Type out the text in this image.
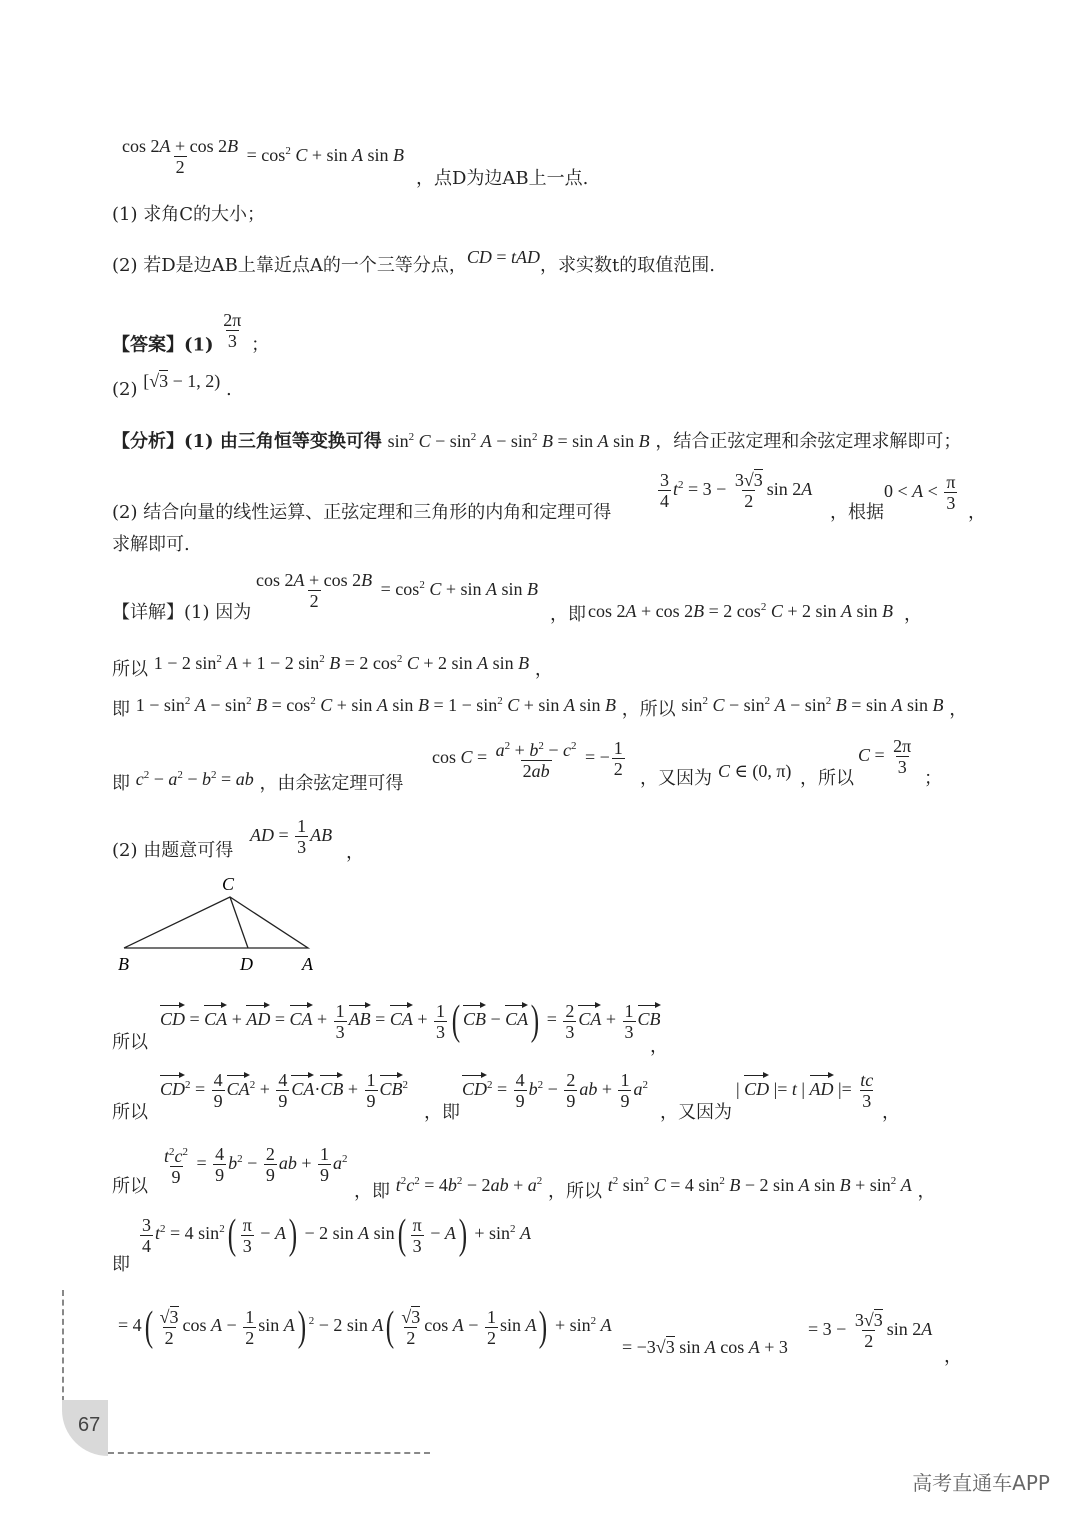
$\frac{\cos 2A + \cos 2B}{2} = \cos^2 C + \sin A$ sin B
，点D为边AB上一点.
(1) 求角C的大小；
(2) 若D是边AB上靠近点A的一个三等分点，CD = tAD，求实数t的取值范围.
【答案】$(1) \frac{2\pi}{3}$ ；
(2) [√3 − 1, 2) .
【分析】(1) 由三角恒等变换可得 $\sin^2 C - \sin^2 A - \sin^2 B = \sin A$ sin B ，结合正弦定理和余弦定理求解即可；
(2) 结合向量的线性运算、正弦定理和三角形的内角和定理可得
$\frac{3}{4} t^2 = 3 - \frac{3√3}{2}$ sin 2A
，根据
$0 < A < \frac{\pi}{3}$ ，
求解即可.
【详解】(1) 因为
$\frac{\cos 2A + \cos 2B}{2} = \cos^2 C + \sin A$ sin B
，即 cos 2A + cos 2B = 2 $\cos^2 C + 2$ sin A sin B ，
所以 1 − 2 $\sin^2 A + 1 - 2$ $\sin^2 B = 2$ $\cos^2 C + 2$ sin A sin B ，
即 $1 - \sin^2 A - \sin^2 B = \cos^2 C + \sin A$ $\sin B = 1 - \sin^2 C + \sin A$ sin B ，所以 $\sin^2 C - \sin^2 A - \sin^2 B = \sin A$ sin B ，
即 $c^2 - a^2 - b^2$ = ab ，由余弦定理可得
$\cos C = \frac{a^2 + b^2 - c^2}{2ab}$ = − $\frac{1}{2}$ ，又因为 C ∈ (0, π) ，所以
$C = \frac{2\pi}{3}$
；
(2) 由题意可得
AD = $\frac{1}{3}$ AB
，
C
B	D	A
所以
CD = CA + AD = CA + $\frac{1}{3}$ AB = CA + $\frac{1}{3}$ ( CB − $CA) = \frac{2}{3}$ CA + $\frac{1}{3}$ CB
，
所以
$CD^2 = \frac{4}{9} CA^2 + \frac{4}{9} CA\cdot CB + \frac{1}{9} CB^2$
，即
$CD^2 = \frac{4}{9} b^2 - \frac{2}{9}$ ab + $\frac{1}{9} a^2$
，又因为
| CD |= t | AD |= $\frac{tc}{3}$
，
所以 $\frac{t^2c^2}{9} = \frac{4}{9} b^2 - \frac{2}{9}$ ab + $\frac{1}{9} a^2$
，即 $t^2c^2 = 4b^2 - 2ab + a^2$ ，所以 $t^2$ $\sin^2 C = 4$ $\sin^2 B - 2$ sin A $\sin B + \sin^2 A$ ，
即
$\frac{3}{4} t^2 = 4$ $\sin^2( \frac{\pi}{3} - A) - 2$ sin A $\sin( \frac{\pi}{3} - A) + \sin^2 A$
= $4( \frac{√3}{2}$ $\cos A - \frac{1}{2}$ sin A) $^2$ − 2 $\sin A( \frac{√3}{2}$ $\cos A - \frac{1}{2}$ $\sin A) + \sin^2 A$
= −3√3 sin A cos A + 3
= $3 - \frac{3√3}{2}$ sin 2A
，
67
高考直通车APP
